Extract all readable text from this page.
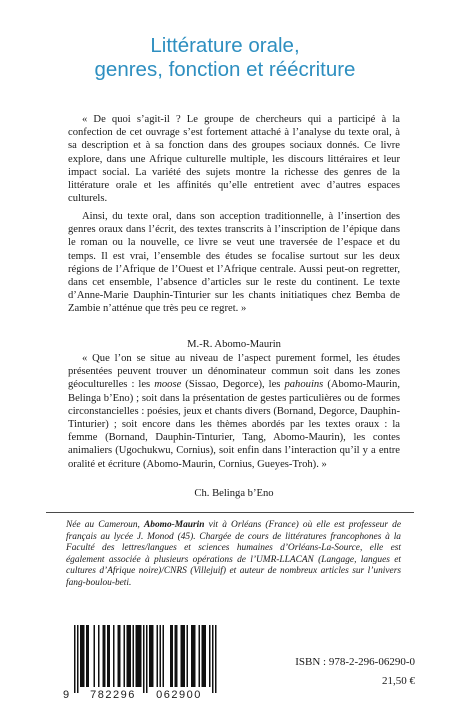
Littérature orale,
genres, fonction et réécriture

« De quoi s’agit-il ? Le groupe de chercheurs qui a participé à la confection de cet ouvrage s’est fortement attaché à l’analyse du texte oral, à sa description et à sa fonction dans des groupes sociaux donnés. Ce livre explore, dans une Afrique culturelle multiple, les discours littéraires et leur impact social. La variété des sujets montre la richesse des genres de la littérature orale et les affinités qu’elle entretient avec d’autres espaces culturels.

Ainsi, du texte oral, dans son acception traditionnelle, à l’insertion des genres oraux dans l’écrit, des textes transcrits à l’inscription de l’épique dans le roman ou la nouvelle, ce livre se veut une traversée de l’espace et du temps. Il est vrai, l’ensemble des études se focalise surtout sur les deux régions de l’Afrique de l’Ouest et l’Afrique centrale. Aussi peut-on regretter, dans cet ensemble, l’absence d’articles sur le reste du continent. Le texte d’Anne-Marie Dauphin-Tinturier sur les chants initiatiques chez Bemba de Zambie n’atténue que très peu ce regret. »

M.-R. Abomo-Maurin

« Que l’on se situe au niveau de l’aspect purement formel, les études présentées peuvent trouver un dénominateur commun soit dans les zones géoculturelles : les moose (Sissao, Degorce), les pahouins (Abomo-Maurin, Belinga b’Eno) ; soit dans la présentation de gestes particulières ou de formes circonstancielles : poésies, jeux et chants divers (Bornand, Degorce, Dauphin-Tinturier) ; soit encore dans les thèmes abordés par les textes oraux : la femme (Bornand, Dauphin-Tinturier, Tang, Abomo-Maurin), les contes animaliers (Ugochukwu, Cornius), soit enfin dans l’interaction qu’il y a entre oralité et écriture (Abomo-Maurin, Cornius, Gueyes-Troh). »

Ch. Belinga b’Eno

Née au Cameroun, Abomo-Maurin vit à Orléans (France) où elle est professeur de français au lycée J. Monod (45). Chargée de cours de littératures francophones à la Faculté des lettres/langues et sciences humaines d’Orléans-La-Source, elle est également associée à plusieurs opérations de l’UMR-LLACAN (Langage, langues et cultures d’Afrique noire)/CNRS (Villejuif) et auteur de nombreux articles sur l’univers fang-boulou-beti.
9 782296 062900
ISBN : 978-2-296-06290-0
21,50 €
